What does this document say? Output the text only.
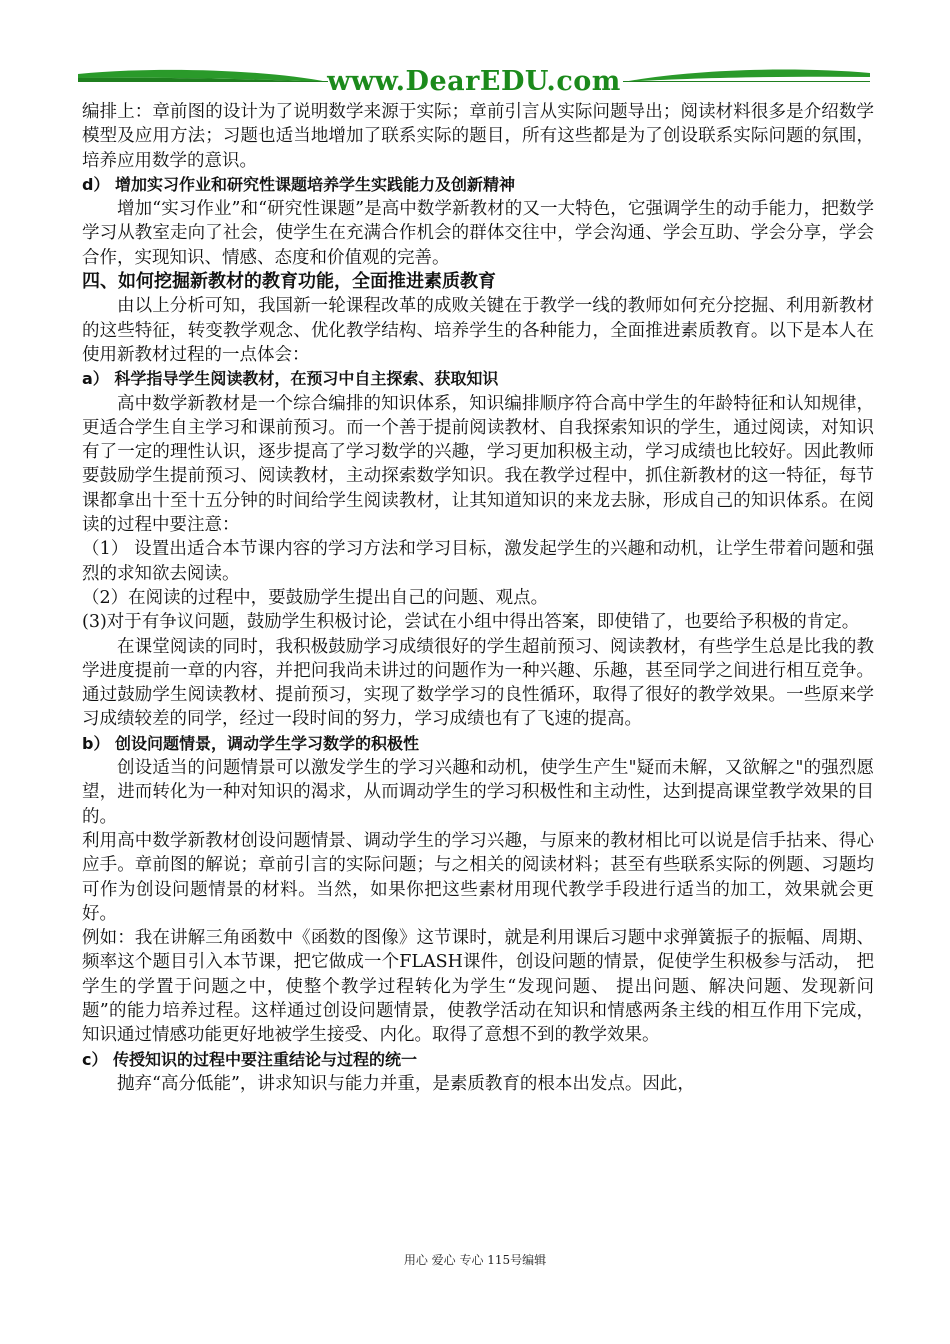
www.DearEDU.com

编排上：章前图的设计为了说明数学来源于实际；章前引言从实际问题导出；阅读材料很多是介绍数学模型及应用方法；习题也适当地增加了联系实际的题目，所有这些都是为了创设联系实际问题的氛围，培养应用数学的意识。

d） 增加实习作业和研究性课题培养学生实践能力及创新精神

增加“实习作业”和“研究性课题”是高中数学新教材的又一大特色，它强调学生的动手能力，把数学学习从教室走向了社会，使学生在充满合作机会的群体交往中，学会沟通、学会互助、学会分享，学会合作，实现知识、情感、态度和价值观的完善。

四、如何挖掘新教材的教育功能，全面推进素质教育

由以上分析可知，我国新一轮课程改革的成败关键在于教学一线的教师如何充分挖掘、利用新教材的这些特征，转变教学观念、优化教学结构、培养学生的各种能力，全面推进素质教育。以下是本人在使用新教材过程的一点体会：

a） 科学指导学生阅读教材，在预习中自主探索、获取知识

高中数学新教材是一个综合编排的知识体系，知识编排顺序符合高中学生的年龄特征和认知规律，更适合学生自主学习和课前预习。而一个善于提前阅读教材、自我探索知识的学生，通过阅读，对知识有了一定的理性认识，逐步提高了学习数学的兴趣，学习更加积极主动，学习成绩也比较好。因此教师要鼓励学生提前预习、阅读教材，主动探索数学知识。我在教学过程中，抓住新教材的这一特征，每节课都拿出十至十五分钟的时间给学生阅读教材，让其知道知识的来龙去脉，形成自己的知识体系。在阅读的过程中要注意：

（1） 设置出适合本节课内容的学习方法和学习目标，激发起学生的兴趣和动机，让学生带着问题和强烈的求知欲去阅读。

（2）在阅读的过程中，要鼓励学生提出自己的问题、观点。

(3)对于有争议问题，鼓励学生积极讨论，尝试在小组中得出答案，即使错了，也要给予积极的肯定。

在课堂阅读的同时，我积极鼓励学习成绩很好的学生超前预习、阅读教材，有些学生总是比我的教学进度提前一章的内容，并把问我尚未讲过的问题作为一种兴趣、乐趣，甚至同学之间进行相互竞争。通过鼓励学生阅读教材、提前预习，实现了数学学习的良性循环，取得了很好的教学效果。一些原来学习成绩较差的同学，经过一段时间的努力，学习成绩也有了飞速的提高。

b） 创设问题情景，调动学生学习数学的积极性

创设适当的问题情景可以激发学生的学习兴趣和动机，使学生产生"疑而未解，又欲解之"的强烈愿望，进而转化为一种对知识的渴求，从而调动学生的学习积极性和主动性，达到提高课堂教学效果的目的。

利用高中数学新教材创设问题情景、调动学生的学习兴趣，与原来的教材相比可以说是信手拈来、得心应手。章前图的解说；章前引言的实际问题；与之相关的阅读材料；甚至有些联系实际的例题、习题均可作为创设问题情景的材料。当然，如果你把这些素材用现代教学手段进行适当的加工，效果就会更好。

例如：我在讲解三角函数中《函数的图像》这节课时，就是利用课后习题中求弹簧振子的振幅、周期、频率这个题目引入本节课，把它做成一个FLASH课件，创设问题的情景，促使学生积极参与活动， 把学生的学置于问题之中，使整个教学过程转化为学生“发现问题、 提出问题、解决问题、发现新问题”的能力培养过程。这样通过创设问题情景，使教学活动在知识和情感两条主线的相互作用下完成，知识通过情感功能更好地被学生接受、内化。取得了意想不到的教学效果。

c） 传授知识的过程中要注重结论与过程的统一

抛弃“高分低能”，讲求知识与能力并重，是素质教育的根本出发点。因此，

用心 爱心 专心 115号编辑
